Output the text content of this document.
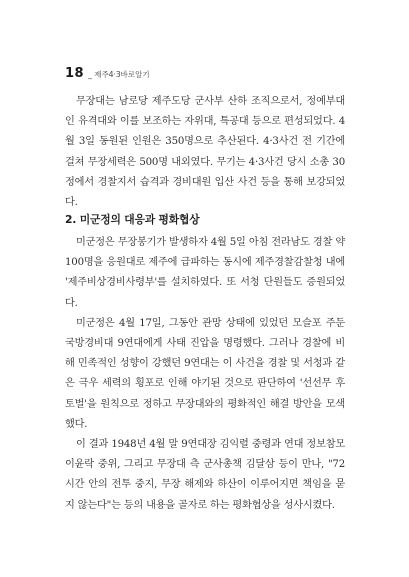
18 _ 제주4·3바로알기

무장대는 남로당 제주도당 군사부 산하 조직으로서, 정예부대인 유격대와 이를 보조하는 자위대, 특공대 등으로 편성되었다. 4월 3일 동원된 인원은 350명으로 추산된다. 4·3사건 전 기간에 걸쳐 무장세력은 500명 내외였다. 무기는 4·3사건 당시 소총 30정에서 경찰지서 습격과 경비대원 입산 사건 등을 통해 보강되었다.

2. 미군정의 대응과 평화협상

미군정은 무장봉기가 발생하자 4월 5일 아침 전라남도 경찰 약 100명을 응원대로 제주에 급파하는 동시에 제주경찰감찰청 내에 '제주비상경비사령부'를 설치하였다. 또 서청 단원들도 증원되었다.

미군정은 4월 17일, 그동안 관망 상태에 있었던 모슬포 주둔 국방경비대 9연대에게 사태 진압을 명령했다. 그러나 경찰에 비해 민족적인 성향이 강했던 9연대는 이 사건을 경찰 및 서청과 같은 극우 세력의 횡포로 인해 야기된 것으로 판단하여 '선선무 후토벌'을 원칙으로 정하고 무장대와의 평화적인 해결 방안을 모색했다.

이 결과 1948년 4월 말 9연대장 김익렬 중령과 연대 정보참모 이윤락 중위, 그리고 무장대 측 군사총책 김달삼 등이 만나, "72시간 안의 전투 중지, 무장 해제와 하산이 이루어지면 책임을 묻지 않는다"는 등의 내용을 골자로 하는 평화협상을 성사시켰다.
